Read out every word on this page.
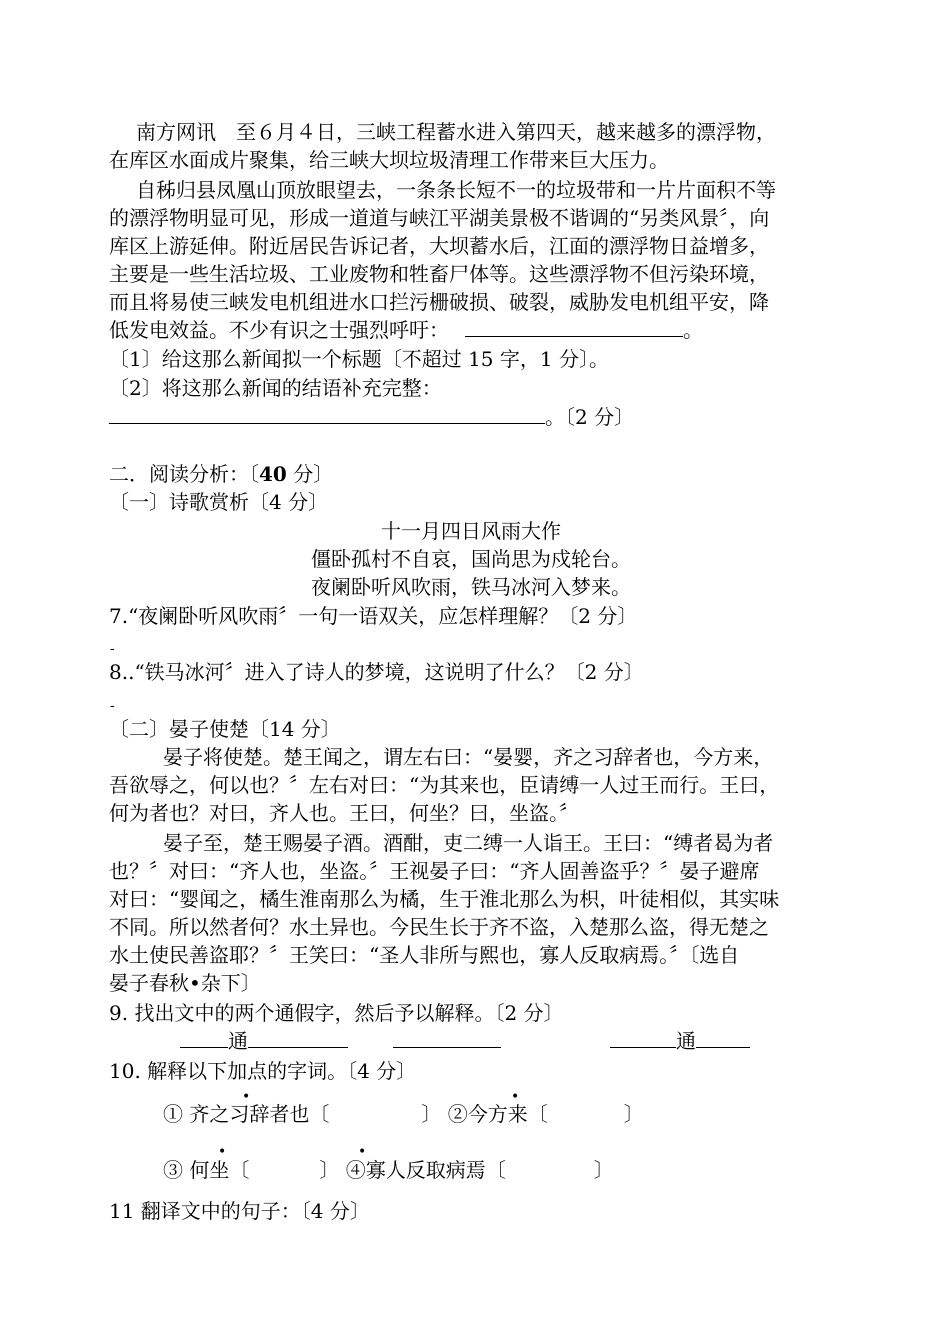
南方网讯　至６月４日，三峡工程蓄水进入第四天，越来越多的漂浮物，
在库区水面成片聚集，给三峡大坝垃圾清理工作带来巨大压力。
自秭归县凤凰山顶放眼望去，一条条长短不一的垃圾带和一片片面积不等
的漂浮物明显可见，形成一道道与峡江平湖美景极不谐调的“另类风景〞，向
库区上游延伸。附近居民告诉记者，大坝蓄水后，江面的漂浮物日益增多，
主要是一些生活垃圾、工业废物和牲畜尸体等。这些漂浮物不但污染环境，
而且将易使三峡发电机组进水口拦污栅破损、破裂，威胁发电机组平安，降
低发电效益。不少有识之士强烈呼吁：	。
〔1〕给这那么新闻拟一个标题〔不超过 15 字，1 分〕。
〔2〕将这那么新闻的结语补充完整：
。〔2 分〕
二．阅读分析：〔40 分〕
〔一〕诗歌赏析〔4 分〕
十一月四日风雨大作
僵卧孤村不自哀，国尚思为戍轮台。
夜阑卧听风吹雨，铁马冰河入梦来。
7.“夜阑卧听风吹雨〞一句一语双关，应怎样理解？〔2 分〕
-
8..“铁马冰河〞进入了诗人的梦境，这说明了什么？〔2 分〕
-
〔二〕晏子使楚〔14 分〕
晏子将使楚。楚王闻之，谓左右曰：“晏婴，齐之习辞者也，今方来，
吾欲辱之，何以也？〞左右对曰：“为其来也，臣请缚一人过王而行。王曰，
何为者也？对曰，齐人也。王曰，何坐？曰，坐盗。〞
晏子至，楚王赐晏子酒。酒酣，吏二缚一人诣王。王曰：“缚者曷为者
也？〞对曰：“齐人也，坐盗。〞王视晏子曰：“齐人固善盗乎？〞晏子避席
对曰：“婴闻之，橘生淮南那么为橘，生于淮北那么为枳，叶徒相似，其实味
不同。所以然者何？水土异也。今民生长于齐不盗，入楚那么盗，得无楚之
水土使民善盗耶？〞王笑曰：“圣人非所与熙也，寡人反取病焉。〞〔选自
晏子春秋•杂下〕
9. 找出文中的两个通假字，然后予以解释。〔2 分〕
通	通
10. 解释以下加点的字词。〔4 分〕
•	•
① 齐之习辞者也〔	〕 ②今方来〔	〕
•	•
③ 何坐〔	〕 ④寡人反取病焉〔	〕
11 翻译文中的句子：〔4 分〕
